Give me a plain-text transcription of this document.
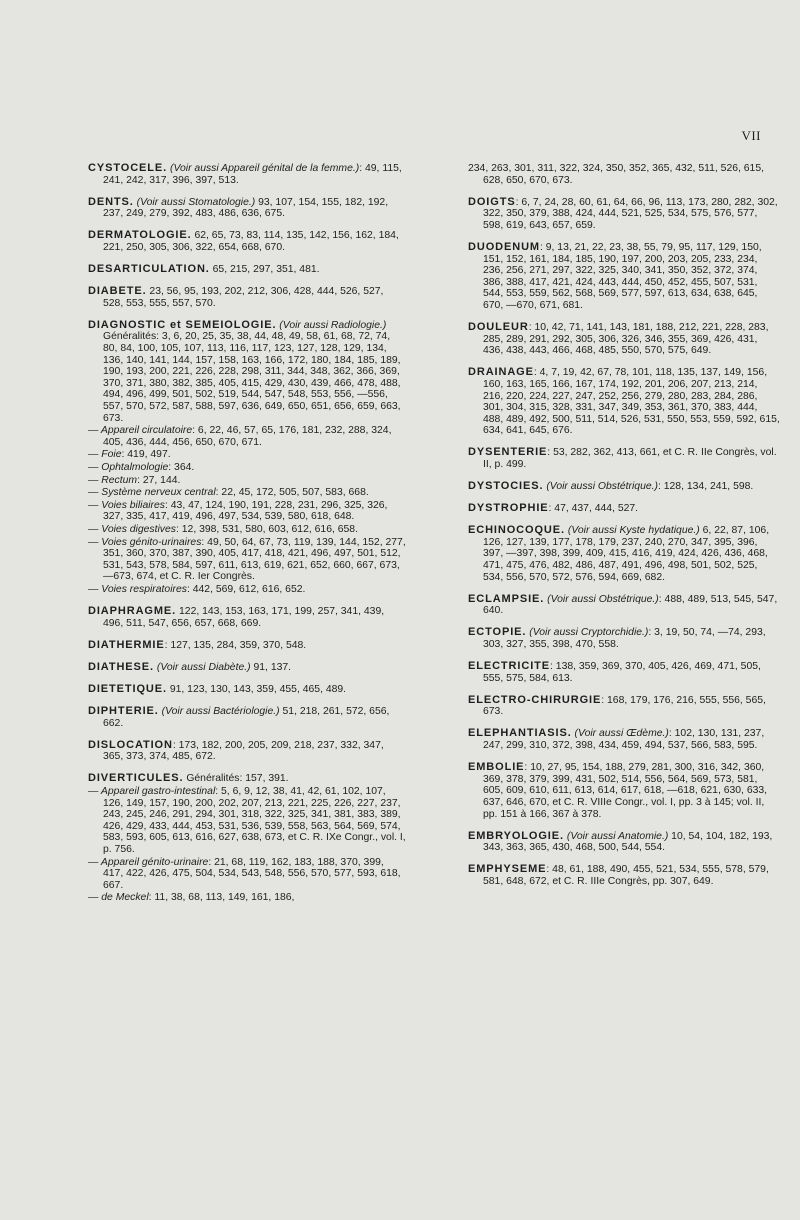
VII

CYSTOCELE. (Voir aussi Appareil génital de la femme.): 49, 115, 241, 242, 317, 396, 397, 513.

DENTS. (Voir aussi Stomatologie.) 93, 107, 154, 155, 182, 192, 237, 249, 279, 392, 483, 486, 636, 675.

DERMATOLOGIE. 62, 65, 73, 83, 114, 135, 142, 156, 162, 184, 221, 250, 305, 306, 322, 654, 668, 670.

DESARTICULATION. 65, 215, 297, 351, 481.

DIABETE. 23, 56, 95, 193, 202, 212, 306, 428, 444, 526, 527, 528, 553, 555, 557, 570.

DIAGNOSTIC et SEMEIOLOGIE. (Voir aussi Radiologie.) Généralités: 3, 6, 20, 25, 35, 38, 44, 48, 49, 58, 61, 68, 72, 74, 80, 84, 100, 105, 107, 113, 116, 117, 123, 127, 128, 129, 134, 136, 140, 141, 144, 157, 158, 163, 166, 172, 180, 184, 185, 189, 190, 193, 200, 221, 226, 228, 298, 311, 344, 348, 362, 366, 369, 370, 371, 380, 382, 385, 405, 415, 429, 430, 439, 466, 478, 488, 494, 496, 499, 501, 502, 519, 544, 547, 548, 553, 556, —556, 557, 570, 572, 587, 588, 597, 636, 649, 650, 651, 656, 659, 663, 673.

— Appareil circulatoire: 6, 22, 46, 57, 65, 176, 181, 232, 288, 324, 405, 436, 444, 456, 650, 670, 671.

— Foie: 419, 497.

— Ophtalmologie: 364.

— Rectum: 27, 144.

— Système nerveux central: 22, 45, 172, 505, 507, 583, 668.

— Voies biliaires: 43, 47, 124, 190, 191, 228, 231, 296, 325, 326, 327, 335, 417, 419, 496, 497, 534, 539, 580, 618, 648.

— Voies digestives: 12, 398, 531, 580, 603, 612, 616, 658.

— Voies génito-urinaires: 49, 50, 64, 67, 73, 119, 139, 144, 152, 277, 351, 360, 370, 387, 390, 405, 417, 418, 421, 496, 497, 501, 512, 531, 543, 578, 584, 597, 611, 613, 619, 621, 652, 660, 667, 673, —673, 674, et C. R. Ier Congrès.

— Voies respiratoires: 442, 569, 612, 616, 652.

DIAPHRAGME. 122, 143, 153, 163, 171, 199, 257, 341, 439, 496, 511, 547, 656, 657, 668, 669.

DIATHERMIE: 127, 135, 284, 359, 370, 548.

DIATHESE. (Voir aussi Diabète.) 91, 137.

DIETETIQUE. 91, 123, 130, 143, 359, 455, 465, 489.

DIPHTERIE. (Voir aussi Bactériologie.) 51, 218, 261, 572, 656, 662.

DISLOCATION: 173, 182, 200, 205, 209, 218, 237, 332, 347, 365, 373, 374, 485, 672.

DIVERTICULES. Généralités: 157, 391.

— Appareil gastro-intestinal: 5, 6, 9, 12, 38, 41, 42, 61, 102, 107, 126, 149, 157, 190, 200, 202, 207, 213, 221, 225, 226, 227, 237, 243, 245, 246, 291, 294, 301, 318, 322, 325, 341, 381, 383, 389, 426, 429, 433, 444, 453, 531, 536, 539, 558, 563, 564, 569, 574, 583, 593, 605, 613, 616, 627, 638, 673, et C. R. IXe Congr., vol. I, p. 756.

— Appareil génito-urinaire: 21, 68, 119, 162, 183, 188, 370, 399, 417, 422, 426, 475, 504, 534, 543, 548, 556, 570, 577, 593, 618, 667.

— de Meckel: 11, 38, 68, 113, 149, 161, 186,

234, 263, 301, 311, 322, 324, 350, 352, 365, 432, 511, 526, 615, 628, 650, 670, 673.

DOIGTS: 6, 7, 24, 28, 60, 61, 64, 66, 96, 113, 173, 280, 282, 302, 322, 350, 379, 388, 424, 444, 521, 525, 534, 575, 576, 577, 598, 619, 643, 657, 659.

DUODENUM: 9, 13, 21, 22, 23, 38, 55, 79, 95, 117, 129, 150, 151, 152, 161, 184, 185, 190, 197, 200, 203, 205, 233, 234, 236, 256, 271, 297, 322, 325, 340, 341, 350, 352, 372, 374, 386, 388, 417, 421, 424, 443, 444, 450, 452, 455, 507, 531, 544, 553, 559, 562, 568, 569, 577, 597, 613, 634, 638, 645, 670, —670, 671, 681.

DOULEUR: 10, 42, 71, 141, 143, 181, 188, 212, 221, 228, 283, 285, 289, 291, 292, 305, 306, 326, 346, 355, 369, 426, 431, 436, 438, 443, 466, 468, 485, 550, 570, 575, 649.

DRAINAGE: 4, 7, 19, 42, 67, 78, 101, 118, 135, 137, 149, 156, 160, 163, 165, 166, 167, 174, 192, 201, 206, 207, 213, 214, 216, 220, 224, 227, 247, 252, 256, 279, 280, 283, 284, 286, 301, 304, 315, 328, 331, 347, 349, 353, 361, 370, 383, 444, 488, 489, 492, 500, 511, 514, 526, 531, 550, 553, 559, 592, 615, 634, 641, 645, 676.

DYSENTERIE: 53, 282, 362, 413, 661, et C. R. IIe Congrès, vol. II, p. 499.

DYSTOCIES. (Voir aussi Obstétrique.): 128, 134, 241, 598.

DYSTROPHIE: 47, 437, 444, 527.

ECHINOCOQUE. (Voir aussi Kyste hydatique.) 6, 22, 87, 106, 126, 127, 139, 177, 178, 179, 237, 240, 270, 347, 395, 396, 397, —397, 398, 399, 409, 415, 416, 419, 424, 426, 436, 468, 471, 475, 476, 482, 486, 487, 491, 496, 498, 501, 502, 525, 534, 556, 570, 572, 576, 594, 669, 682.

ECLAMPSIE. (Voir aussi Obstétrique.): 488, 489, 513, 545, 547, 640.

ECTOPIE. (Voir aussi Cryptorchidie.): 3, 19, 50, 74, —74, 293, 303, 327, 355, 398, 470, 558.

ELECTRICITE: 138, 359, 369, 370, 405, 426, 469, 471, 505, 555, 575, 584, 613.

ELECTRO-CHIRURGIE: 168, 179, 176, 216, 555, 556, 565, 673.

ELEPHANTIASIS. (Voir aussi Œdème.): 102, 130, 131, 237, 247, 299, 310, 372, 398, 434, 459, 494, 537, 566, 583, 595.

EMBOLIE: 10, 27, 95, 154, 188, 279, 281, 300, 316, 342, 360, 369, 378, 379, 399, 431, 502, 514, 556, 564, 569, 573, 581, 605, 609, 610, 611, 613, 614, 617, 618, —618, 621, 630, 633, 637, 646, 670, et C. R. VIIIe Congr., vol. I, pp. 3 à 145; vol. II, pp. 151 à 166, 367 à 378.

EMBRYOLOGIE. (Voir aussi Anatomie.) 10, 54, 104, 182, 193, 343, 363, 365, 430, 468, 500, 544, 554.

EMPHYSEME: 48, 61, 188, 490, 455, 521, 534, 555, 578, 579, 581, 648, 672, et C. R. IIIe Congrès, pp. 307, 649.
